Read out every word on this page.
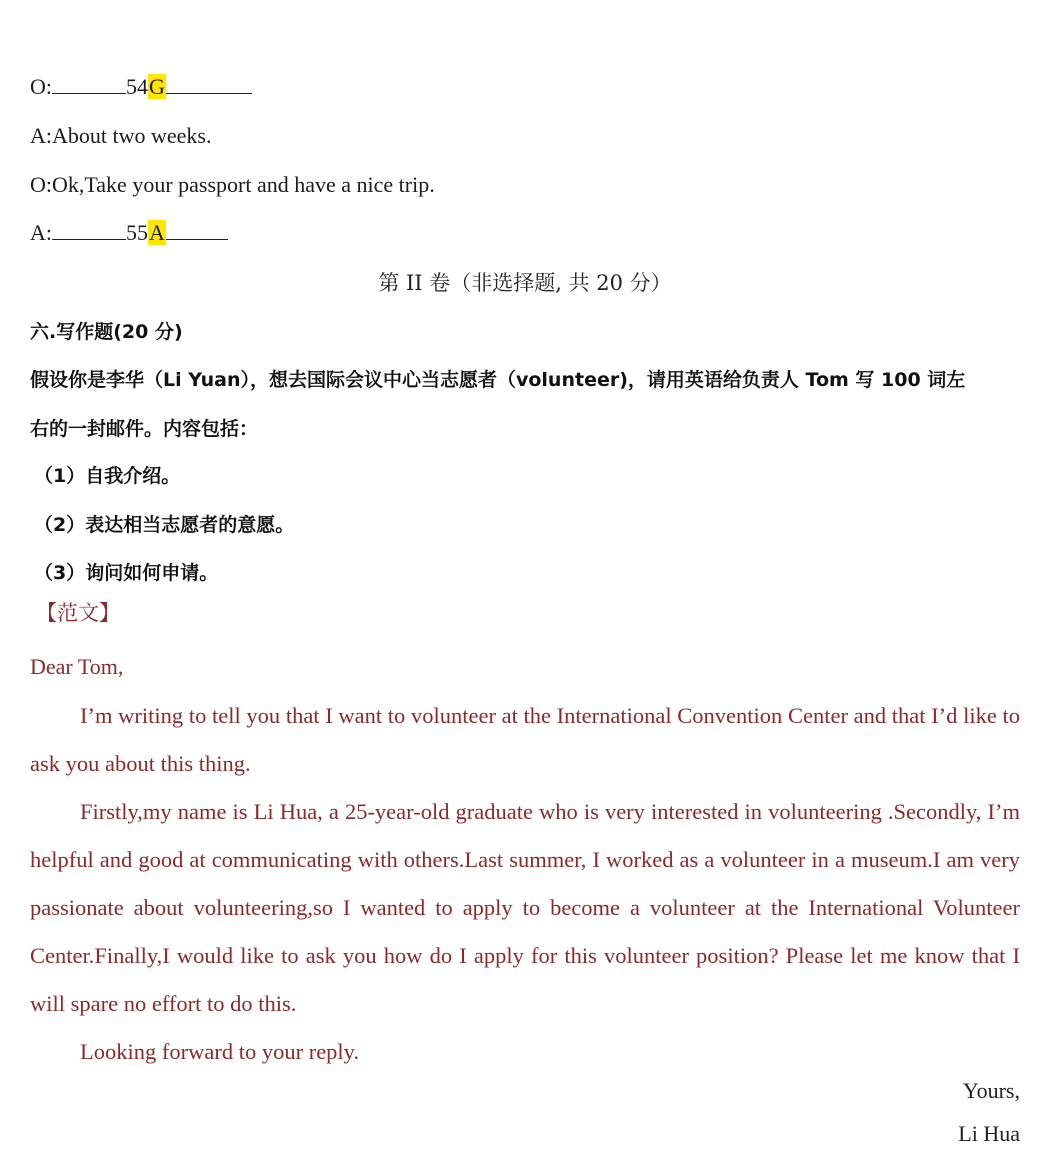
O:	54G
A:About two weeks.
O:Ok,Take your passport and have a nice trip.
A:	55A
第 II 卷（非选择题, 共 20 分）
六.写作题(20 分)
假设你是李华（Li Yuan），想去国际会议中心当志愿者（volunteer)，请用英语给负责人 Tom 写 100 词左
右的一封邮件。内容包括：
（1）自我介绍。
（2）表达相当志愿者的意愿。
（3）询问如何申请。
【范文】
Dear Tom,
I’m writing to tell you that I want to volunteer at the International Convention Center and that I’d like to ask you about this thing.
Firstly,my name is Li Hua, a 25-year-old graduate who is very interested in volunteering .Secondly, I’m helpful and good at communicating with others.Last summer, I worked as a volunteer in a museum.I am very passionate about volunteering,so I wanted to apply to become a volunteer at the International Volunteer Center.Finally,I would like to ask you how do I apply for this volunteer position? Please let me know that I will spare no effort to do this.
Looking forward to your reply.
Yours,
Li Hua
